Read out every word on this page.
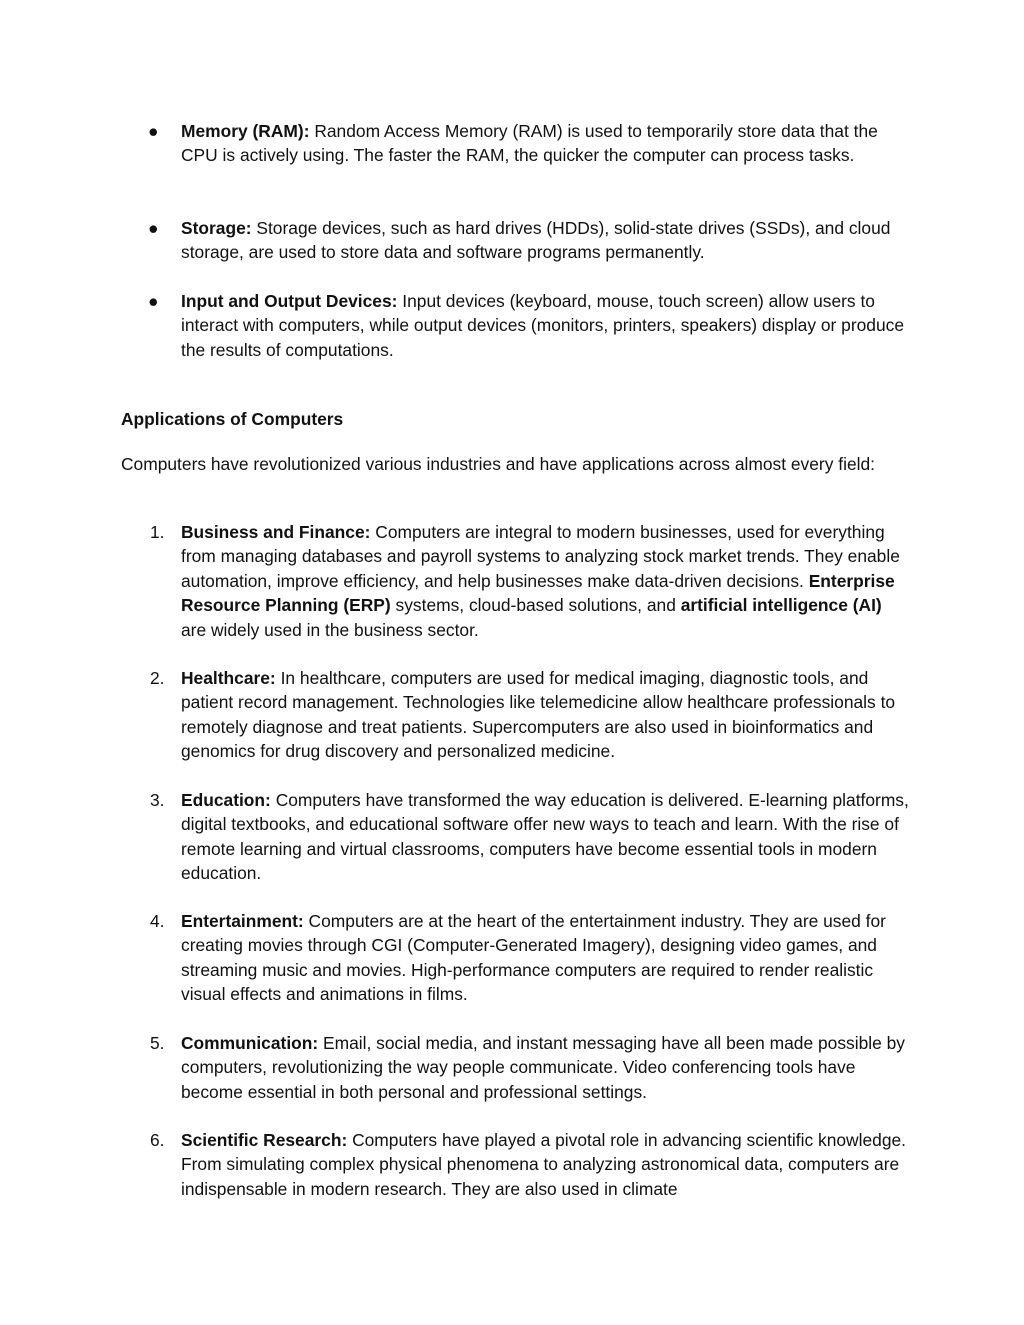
● Memory (RAM): Random Access Memory (RAM) is used to temporarily store data that the CPU is actively using. The faster the RAM, the quicker the computer can process tasks.
● Storage: Storage devices, such as hard drives (HDDs), solid-state drives (SSDs), and cloud storage, are used to store data and software programs permanently.
● Input and Output Devices: Input devices (keyboard, mouse, touch screen) allow users to interact with computers, while output devices (monitors, printers, speakers) display or produce the results of computations.
Applications of Computers
Computers have revolutionized various industries and have applications across almost every field:
1. Business and Finance: Computers are integral to modern businesses, used for everything from managing databases and payroll systems to analyzing stock market trends. They enable automation, improve efficiency, and help businesses make data-driven decisions. Enterprise Resource Planning (ERP) systems, cloud-based solutions, and artificial intelligence (AI) are widely used in the business sector.
2. Healthcare: In healthcare, computers are used for medical imaging, diagnostic tools, and patient record management. Technologies like telemedicine allow healthcare professionals to remotely diagnose and treat patients. Supercomputers are also used in bioinformatics and genomics for drug discovery and personalized medicine.
3. Education: Computers have transformed the way education is delivered. E-learning platforms, digital textbooks, and educational software offer new ways to teach and learn. With the rise of remote learning and virtual classrooms, computers have become essential tools in modern education.
4. Entertainment: Computers are at the heart of the entertainment industry. They are used for creating movies through CGI (Computer-Generated Imagery), designing video games, and streaming music and movies. High-performance computers are required to render realistic visual effects and animations in films.
5. Communication: Email, social media, and instant messaging have all been made possible by computers, revolutionizing the way people communicate. Video conferencing tools have become essential in both personal and professional settings.
6. Scientific Research: Computers have played a pivotal role in advancing scientific knowledge. From simulating complex physical phenomena to analyzing astronomical data, computers are indispensable in modern research. They are also used in climate
